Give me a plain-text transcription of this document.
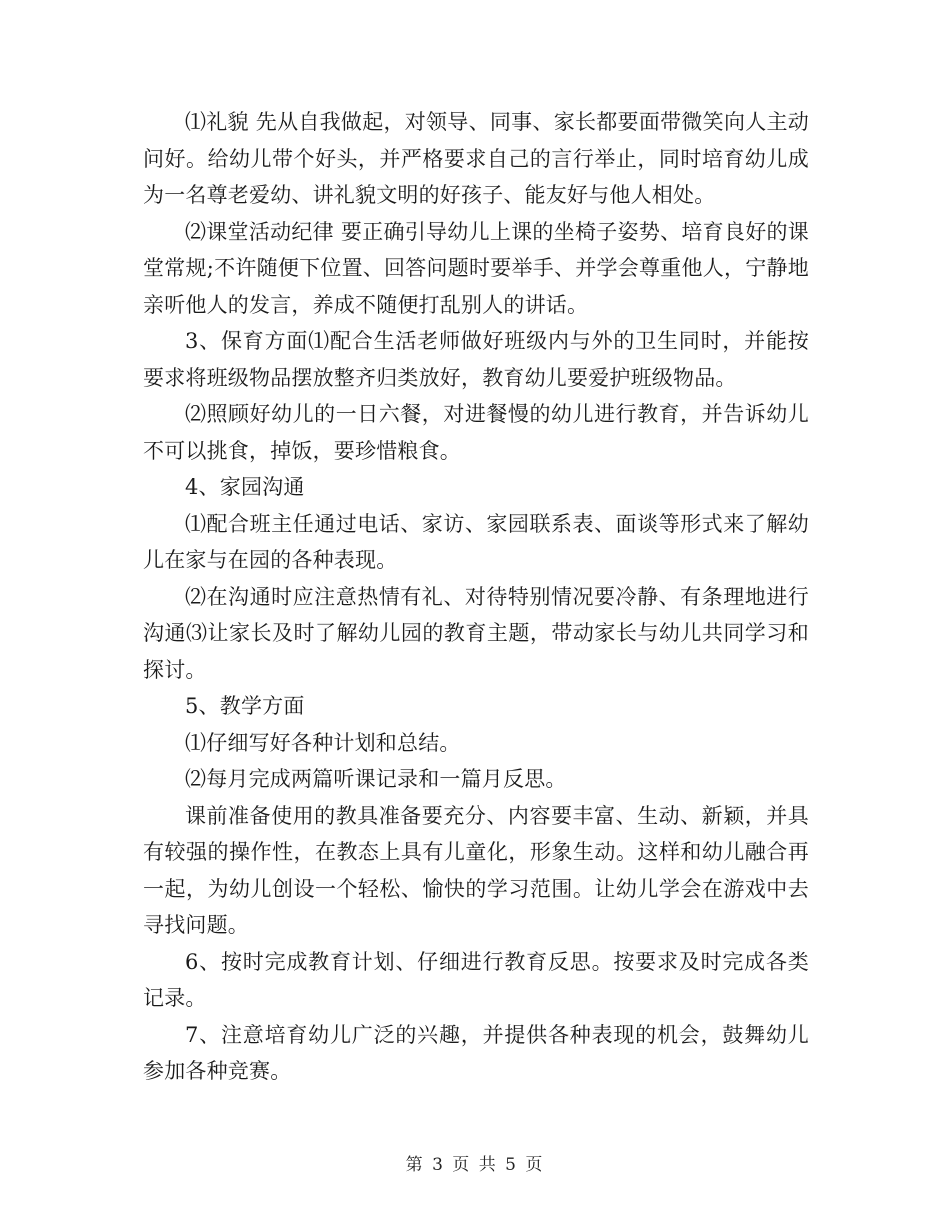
⑴礼貌 先从自我做起，对领导、同事、家长都要面带微笑向人主动问好。给幼儿带个好头，并严格要求自己的言行举止，同时培育幼儿成为一名尊老爱幼、讲礼貌文明的好孩子、能友好与他人相处。

⑵课堂活动纪律 要正确引导幼儿上课的坐椅子姿势、培育良好的课堂常规;不许随便下位置、回答问题时要举手、并学会尊重他人，宁静地亲听他人的发言，养成不随便打乱别人的讲话。

3、保育方面⑴配合生活老师做好班级内与外的卫生同时，并能按要求将班级物品摆放整齐归类放好，教育幼儿要爱护班级物品。

⑵照顾好幼儿的一日六餐，对进餐慢的幼儿进行教育，并告诉幼儿不可以挑食，掉饭，要珍惜粮食。

4、家园沟通

⑴配合班主任通过电话、家访、家园联系表、面谈等形式来了解幼儿在家与在园的各种表现。

⑵在沟通时应注意热情有礼、对待特别情况要冷静、有条理地进行沟通⑶让家长及时了解幼儿园的教育主题，带动家长与幼儿共同学习和探讨。

5、教学方面

⑴仔细写好各种计划和总结。

⑵每月完成两篇听课记录和一篇月反思。

课前准备使用的教具准备要充分、内容要丰富、生动、新颖，并具有较强的操作性，在教态上具有儿童化，形象生动。这样和幼儿融合再一起，为幼儿创设一个轻松、愉快的学习范围。让幼儿学会在游戏中去寻找问题。

6、按时完成教育计划、仔细进行教育反思。按要求及时完成各类记录。

7、注意培育幼儿广泛的兴趣，并提供各种表现的机会，鼓舞幼儿参加各种竞赛。

第 3 页 共 5 页
